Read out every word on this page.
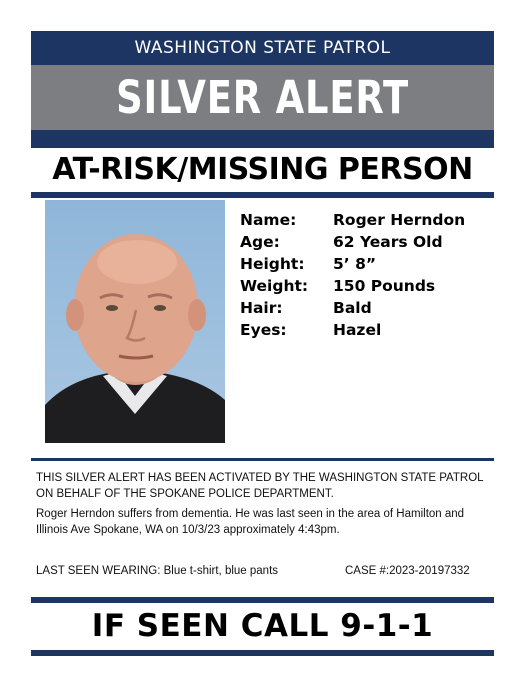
WASHINGTON STATE PATROL
SILVER ALERT
AT-RISK/MISSING PERSON
Name: Roger Herndon
Age:	62 Years Old
Height: 5’ 8”
Weight: 150 Pounds
Hair:	Bald
Eyes:	Hazel
THIS SILVER ALERT HAS BEEN ACTIVATED BY THE WASHINGTON STATE PATROL ON BEHALF OF THE SPOKANE POLICE DEPARTMENT.
Roger Herndon suffers from dementia. He was last seen in the area of Hamilton and Illinois Ave Spokane, WA on 10/3/23 approximately 4:43pm.
LAST SEEN WEARING: Blue t-shirt, blue pants	CASE #:2023-20197332
IF SEEN CALL 9-1-1
